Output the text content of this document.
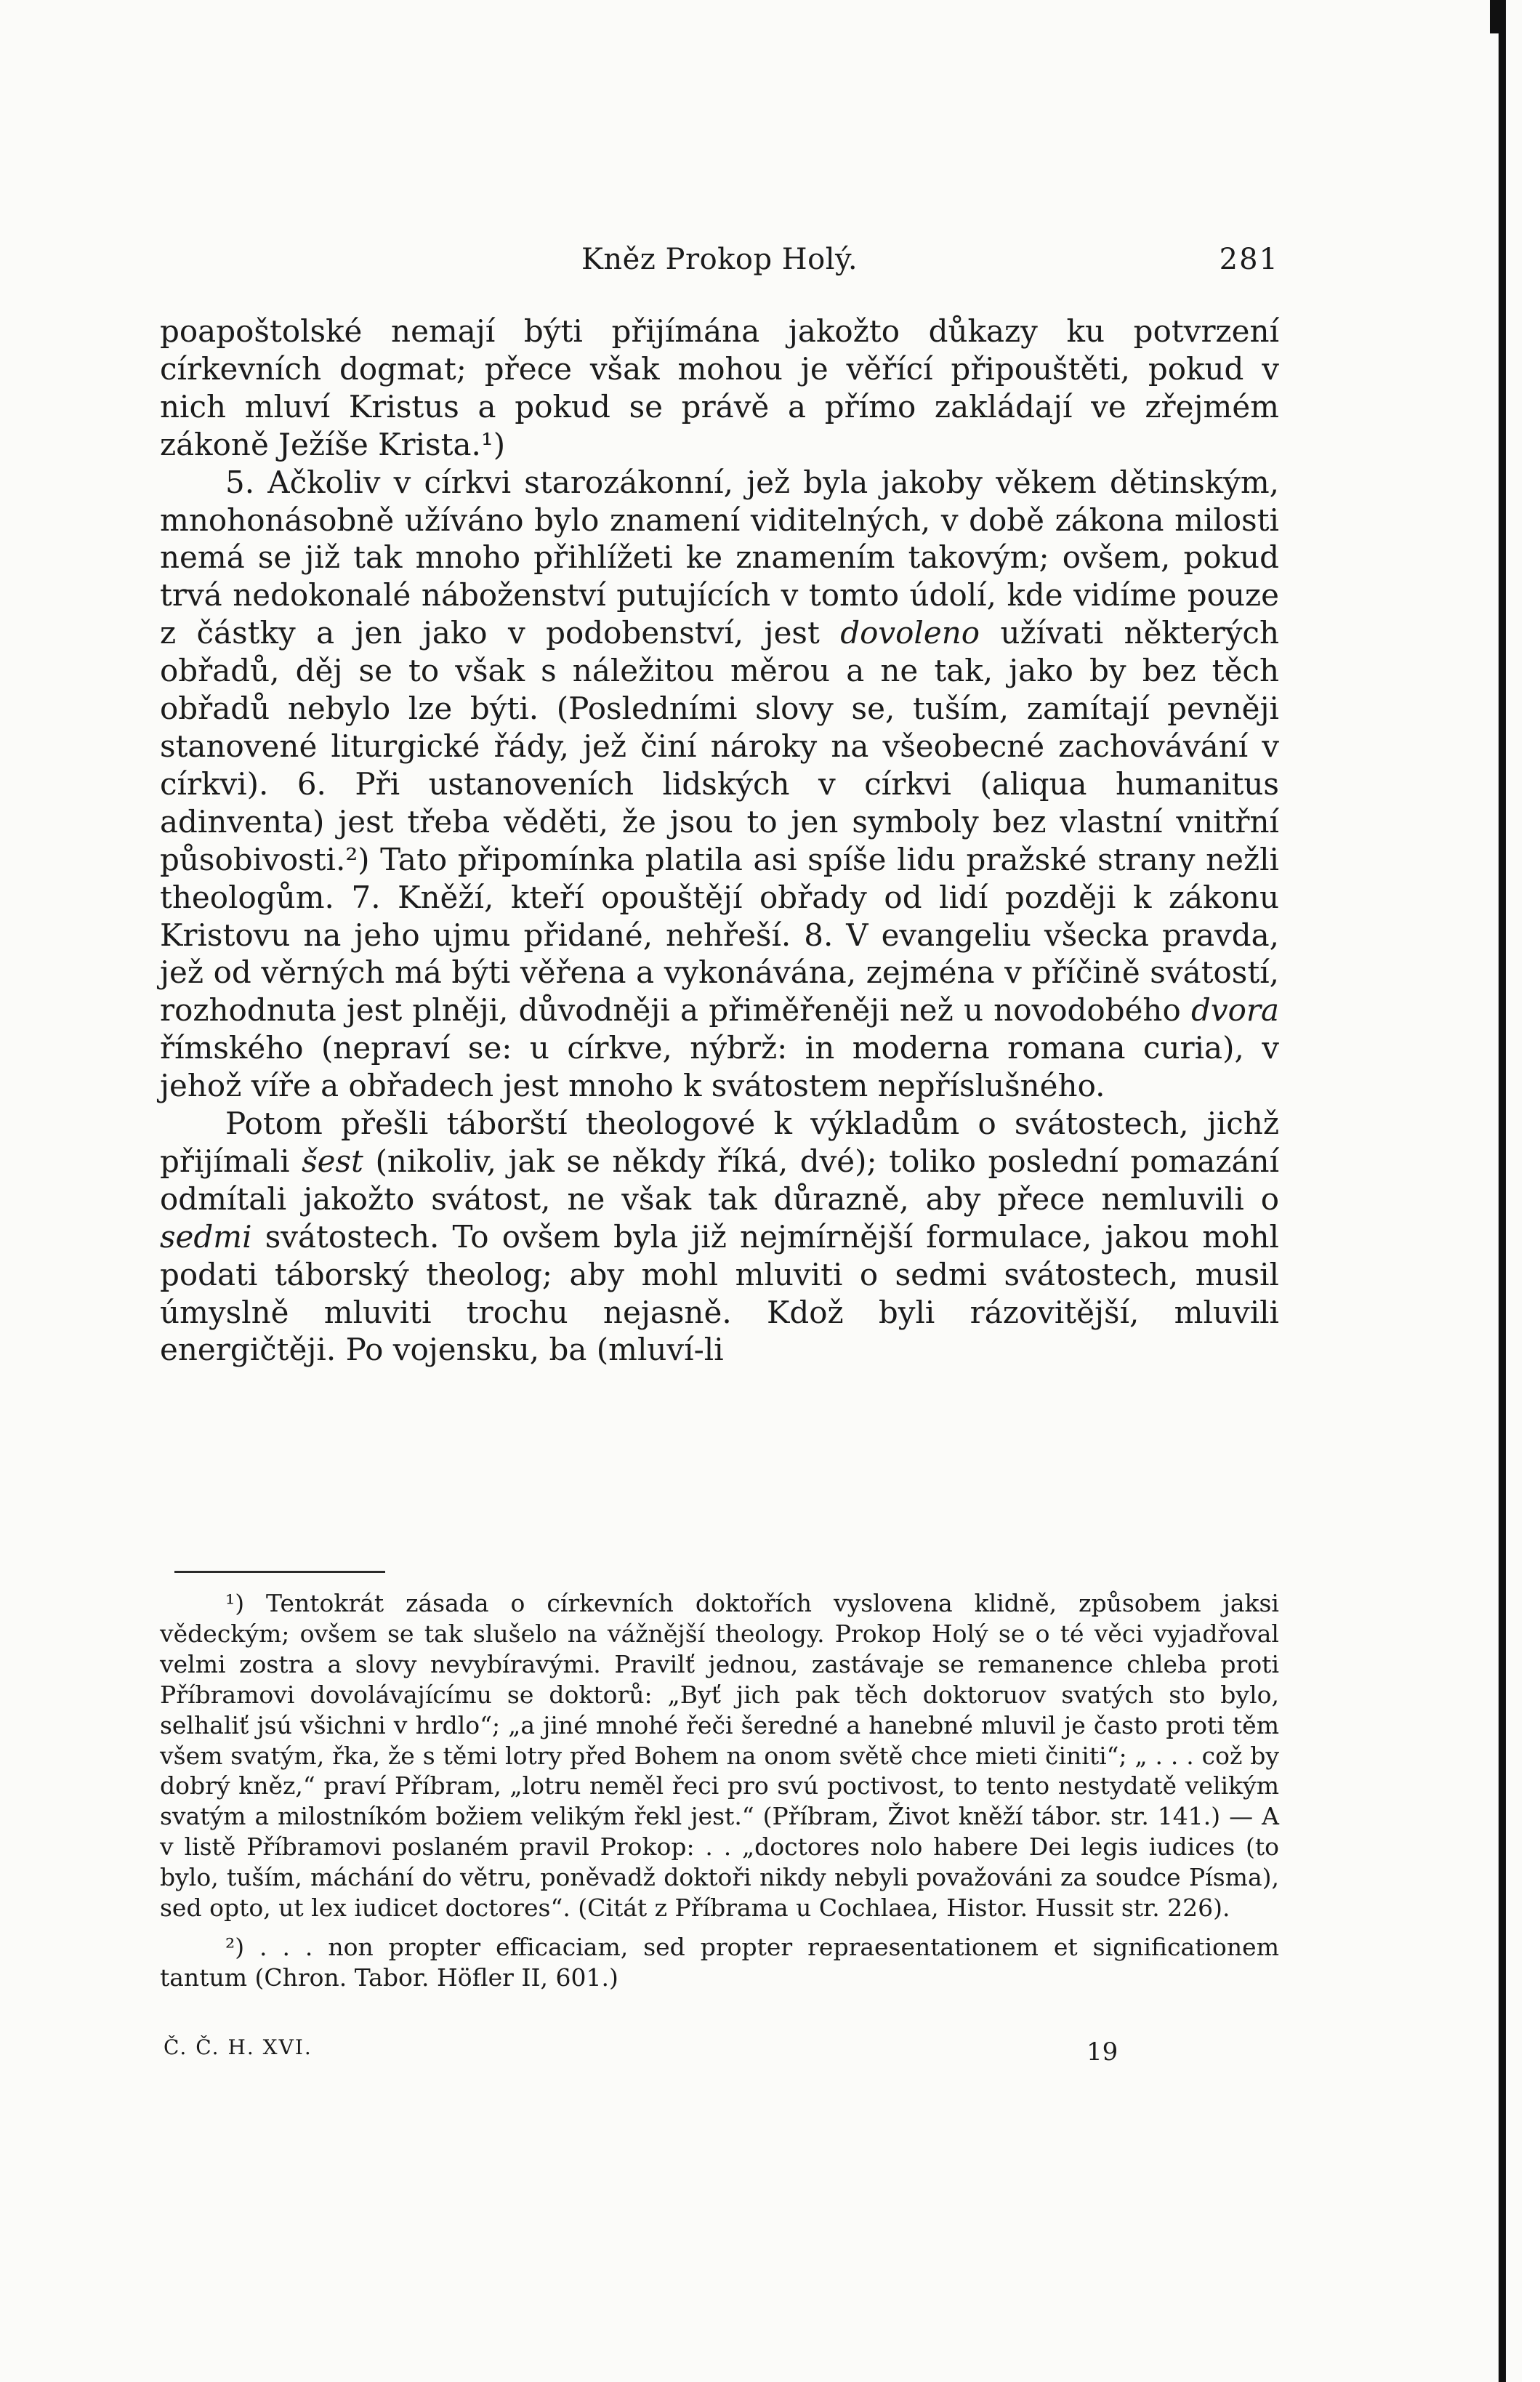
Kněz Prokop Holý.	281

poapoštolské nemají býti přijímána jakožto důkazy ku potvrzení církevních dogmat; přece však mohou je věřící připouštěti, pokud v nich mluví Kristus a pokud se právě a přímo zakládají ve zřejmém zákoně Ježíše Krista.¹)

5. Ačkoliv v církvi starozákonní, jež byla jakoby věkem dětinským, mnohonásobně užíváno bylo znamení viditelných, v době zákona milosti nemá se již tak mnoho přihlížeti ke znamením takovým; ovšem, pokud trvá nedokonalé náboženství putujících v tomto údolí, kde vidíme pouze z částky a jen jako v podobenství, jest dovoleno užívati některých obřadů, děj se to však s náležitou měrou a ne tak, jako by bez těch obřadů nebylo lze býti. (Posledními slovy se, tuším, zamítají pevněji stanovené liturgické řády, jež činí nároky na všeobecné zachovávání v církvi). 6. Při ustanoveních lidských v církvi (aliqua humanitus adinventa) jest třeba věděti, že jsou to jen symboly bez vlastní vnitřní působivosti.²) Tato připomínka platila asi spíše lidu pražské strany nežli theologům. 7. Kněží, kteří opouštějí obřady od lidí později k zákonu Kristovu na jeho ujmu přidané, nehřeší. 8. V evangeliu všecka pravda, jež od věrných má býti věřena a vykonávána, zejména v příčině svátostí, rozhodnuta jest plněji, důvodněji a přiměřeněji než u novodobého dvora římského (nepraví se: u církve, nýbrž: in moderna romana curia), v jehož víře a obřadech jest mnoho k svátostem nepříslušného.

Potom přešli táborští theologové k výkladům o svátostech, jichž přijímali šest (nikoliv, jak se někdy říká, dvé); toliko poslední pomazání odmítali jakožto svátost, ne však tak důrazně, aby přece nemluvili o sedmi svátostech. To ovšem byla již nejmírnější formulace, jakou mohl podati táborský theolog; aby mohl mluviti o sedmi svátostech, musil úmyslně mluviti trochu nejasně. Kdož byli rázovitější, mluvili energičtěji. Po vojensku, ba (mluví-li

¹) Tentokrát zásada o církevních doktořích vyslovena klidně, způsobem jaksi vědeckým; ovšem se tak slušelo na vážnější theology. Prokop Holý se o té věci vyjadřoval velmi zostra a slovy nevybíravými. Pravilť jednou, zastávaje se remanence chleba proti Příbramovi dovolávajícímu se doktorů: „Byť jich pak těch doktoruov svatých sto bylo, selhaliť jsú všichni v hrdlo“; „a jiné mnohé řeči šeredné a hanebné mluvil je často proti těm všem svatým, řka, že s těmi lotry před Bohem na onom světě chce mieti činiti“; „ . . . což by dobrý kněz,“ praví Příbram, „lotru neměl řeci pro svú poctivost, to tento nestydatě velikým svatým a milostníkóm božiem velikým řekl jest.“ (Příbram, Život kněží tábor. str. 141.) — A v listě Příbramovi poslaném pravil Prokop: . . „doctores nolo habere Dei legis iudices (to bylo, tuším, máchání do větru, poněvadž doktoři nikdy nebyli považováni za soudce Písma), sed opto, ut lex iudicet doctores“. (Citát z Příbrama u Cochlaea, Histor. Hussit str. 226).

²) . . . non propter efficaciam, sed propter repraesentationem et significationem tantum (Chron. Tabor. Höfler II, 601.)

Č. Č. H. XVI.	19
